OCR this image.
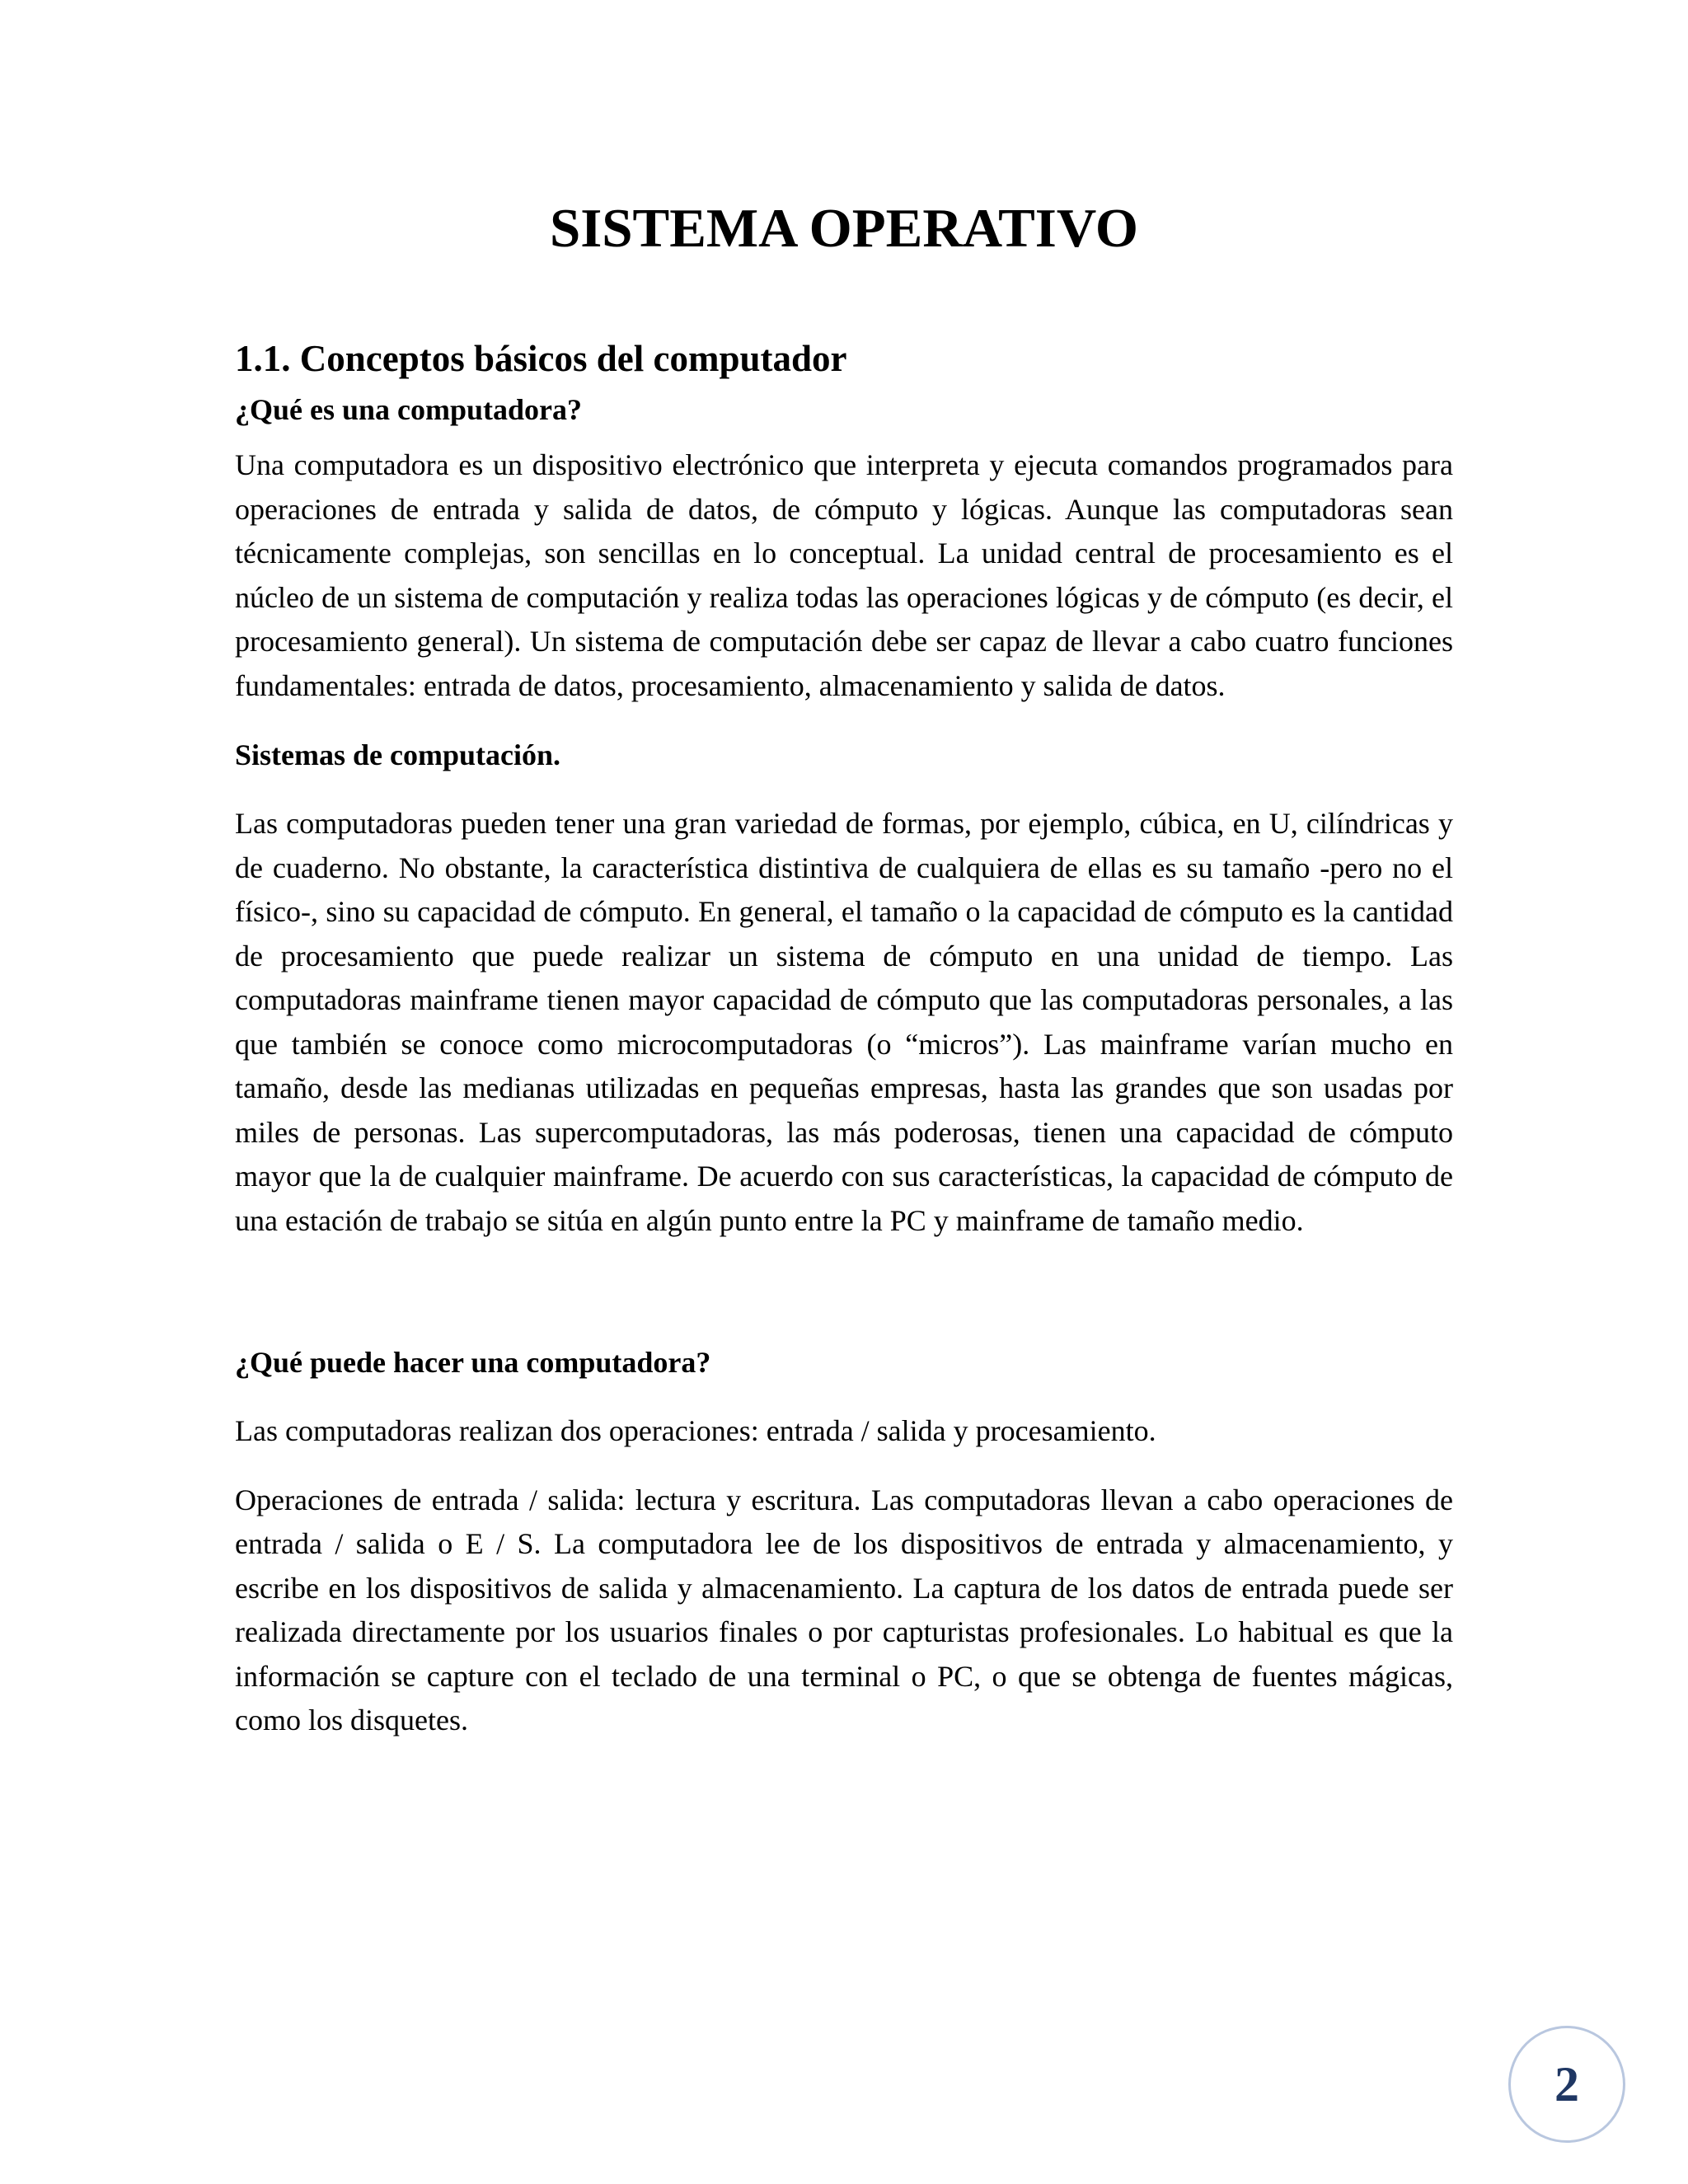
SISTEMA OPERATIVO
1.1. Conceptos básicos del computador
¿Qué es una computadora?

Una computadora es un dispositivo electrónico que interpreta y ejecuta comandos programados para operaciones de entrada y salida de datos, de cómputo y lógicas. Aunque las computadoras sean técnicamente complejas, son sencillas en lo conceptual. La unidad central de procesamiento es el núcleo de un sistema de computación y realiza todas las operaciones lógicas y de cómputo (es decir, el procesamiento general). Un sistema de computación debe ser capaz de llevar a cabo cuatro funciones fundamentales: entrada de datos, procesamiento, almacenamiento y salida de datos.

Sistemas de computación.

Las computadoras pueden tener una gran variedad de formas, por ejemplo, cúbica, en U, cilíndricas y de cuaderno. No obstante, la característica distintiva de cualquiera de ellas es su tamaño -pero no el físico-, sino su capacidad de cómputo. En general, el tamaño o la capacidad de cómputo es la cantidad de procesamiento que puede realizar un sistema de cómputo en una unidad de tiempo. Las computadoras mainframe tienen mayor capacidad de cómputo que las computadoras personales, a las que también se conoce como microcomputadoras (o “micros”). Las mainframe varían mucho en tamaño, desde las medianas utilizadas en pequeñas empresas, hasta las grandes que son usadas por miles de personas. Las supercomputadoras, las más poderosas, tienen una capacidad de cómputo mayor que la de cualquier mainframe. De acuerdo con sus características, la capacidad de cómputo de una estación de trabajo se sitúa en algún punto entre la PC y mainframe de tamaño medio.

¿Qué puede hacer una computadora?

Las computadoras realizan dos operaciones: entrada / salida y procesamiento.

Operaciones de entrada / salida: lectura y escritura. Las computadoras llevan a cabo operaciones de entrada / salida o E / S. La computadora lee de los dispositivos de entrada y almacenamiento, y escribe en los dispositivos de salida y almacenamiento. La captura de los datos de entrada puede ser realizada directamente por los usuarios finales o por capturistas profesionales. Lo habitual es que la información se capture con el teclado de una terminal o PC, o que se obtenga de fuentes mágicas, como los disquetes.

2
